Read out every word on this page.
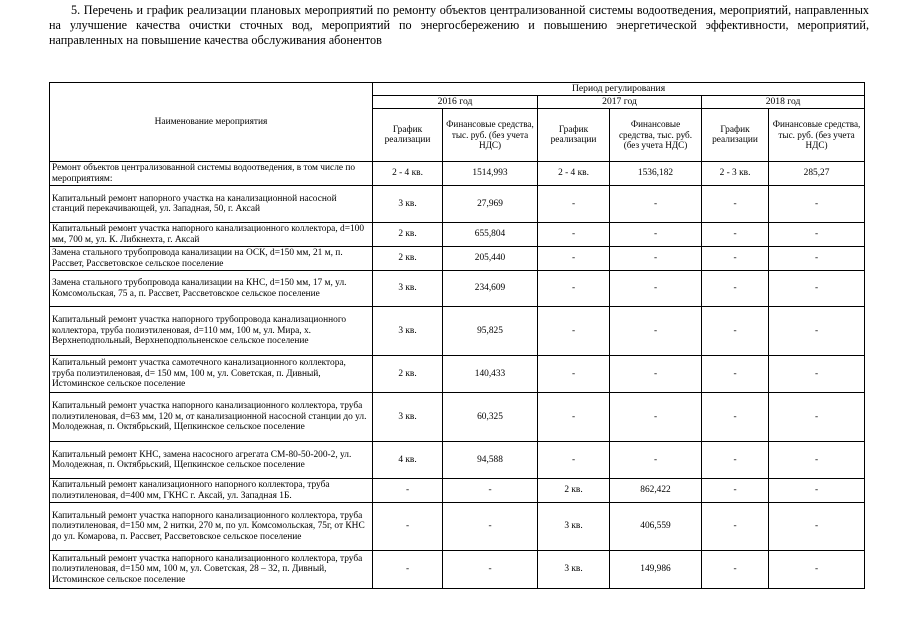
5. Перечень и график реализации плановых мероприятий по ремонту объектов централизованной системы водоотведения, мероприятий, направленных на улучшение качества очистки сточных вод, мероприятий по энергосбережению и повышению энергетической эффективности, мероприятий, направленных на повышение качества обслуживания абонентов
Наименование мероприятия	Период регулирования					
	2016 год		2017 год		2018 год	
	График реализации	Финансовые средства, тыс. руб. (без учета НДС)	График реализации	Финансовые средства, тыс. руб. (без учета НДС)	График реализации	Финансовые средства, тыс. руб. (без учета НДС)
Ремонт объектов централизованной системы водоотведения, в том числе по мероприятиям:	2 - 4 кв.	1514,993	2 - 4 кв.	1536,182	2 - 3 кв.	285,27
Капитальный ремонт напорного участка на канализационной насосной станций перекачивающей, ул. Западная, 50, г. Аксай	3 кв.	27,969	-	-	-	-
Капитальный ремонт участка напорного канализационного коллектора, d=100 мм, 700 м, ул. К. Либкнехта, г. Аксай	2 кв.	655,804	-	-	-	-
Замена стального трубопровода канализации на ОСК, d=150 мм, 21 м, п. Рассвет, Рассветовское сельское поселение	2 кв.	205,440	-	-	-	-
Замена стального трубопровода канализации на КНС, d=150 мм, 17 м, ул. Комсомольская, 75 а, п. Рассвет, Рассветовское сельское поселение	3 кв.	234,609	-	-	-	-
Капитальный ремонт участка напорного трубопровода канализационного коллектора, труба полиэтиленовая, d=110 мм, 100 м, ул. Мира, х. Верхнеподпольный, Верхнеподпольненское сельское поселение	3 кв.	95,825	-	-	-	-
Капитальный ремонт участка самотечного канализационного коллектора, труба полиэтиленовая, d= 150 мм, 100 м, ул. Советская, п. Дивный, Истоминское сельское поселение	2 кв.	140,433	-	-	-	-
Капитальный ремонт участка напорного канализационного коллектора, труба полиэтиленовая, d=63 мм, 120 м, от канализационной насосной станции до ул. Молодежная, п. Октябрьский, Щепкинское сельское поселение	3 кв.	60,325	-	-	-	-
Капитальный ремонт КНС, замена насосного агрегата СМ-80-50-200-2, ул. Молодежная, п. Октябрьский, Щепкинское сельское поселение	4 кв.	94,588	-	-	-	-
Капитальный ремонт канализационного напорного коллектора, труба полиэтиленовая, d=400 мм, ГКНС г. Аксай, ул. Западная 1Б.	-	-	2 кв.	862,422	-	-
Капитальный ремонт участка напорного канализационного коллектора, труба полиэтиленовая, d=150 мм, 2 нитки, 270 м, по ул. Комсомольская, 75г, от КНС до ул. Комарова, п. Рассвет, Рассветовское сельское поселение	-	-	3 кв.	406,559	-	-
Капитальный ремонт участка напорного канализационного коллектора, труба полиэтиленовая, d=150 мм, 100 м, ул. Советская, 28 – 32, п. Дивный, Истоминское сельское поселение	-	-	3 кв.	149,986	-	-
